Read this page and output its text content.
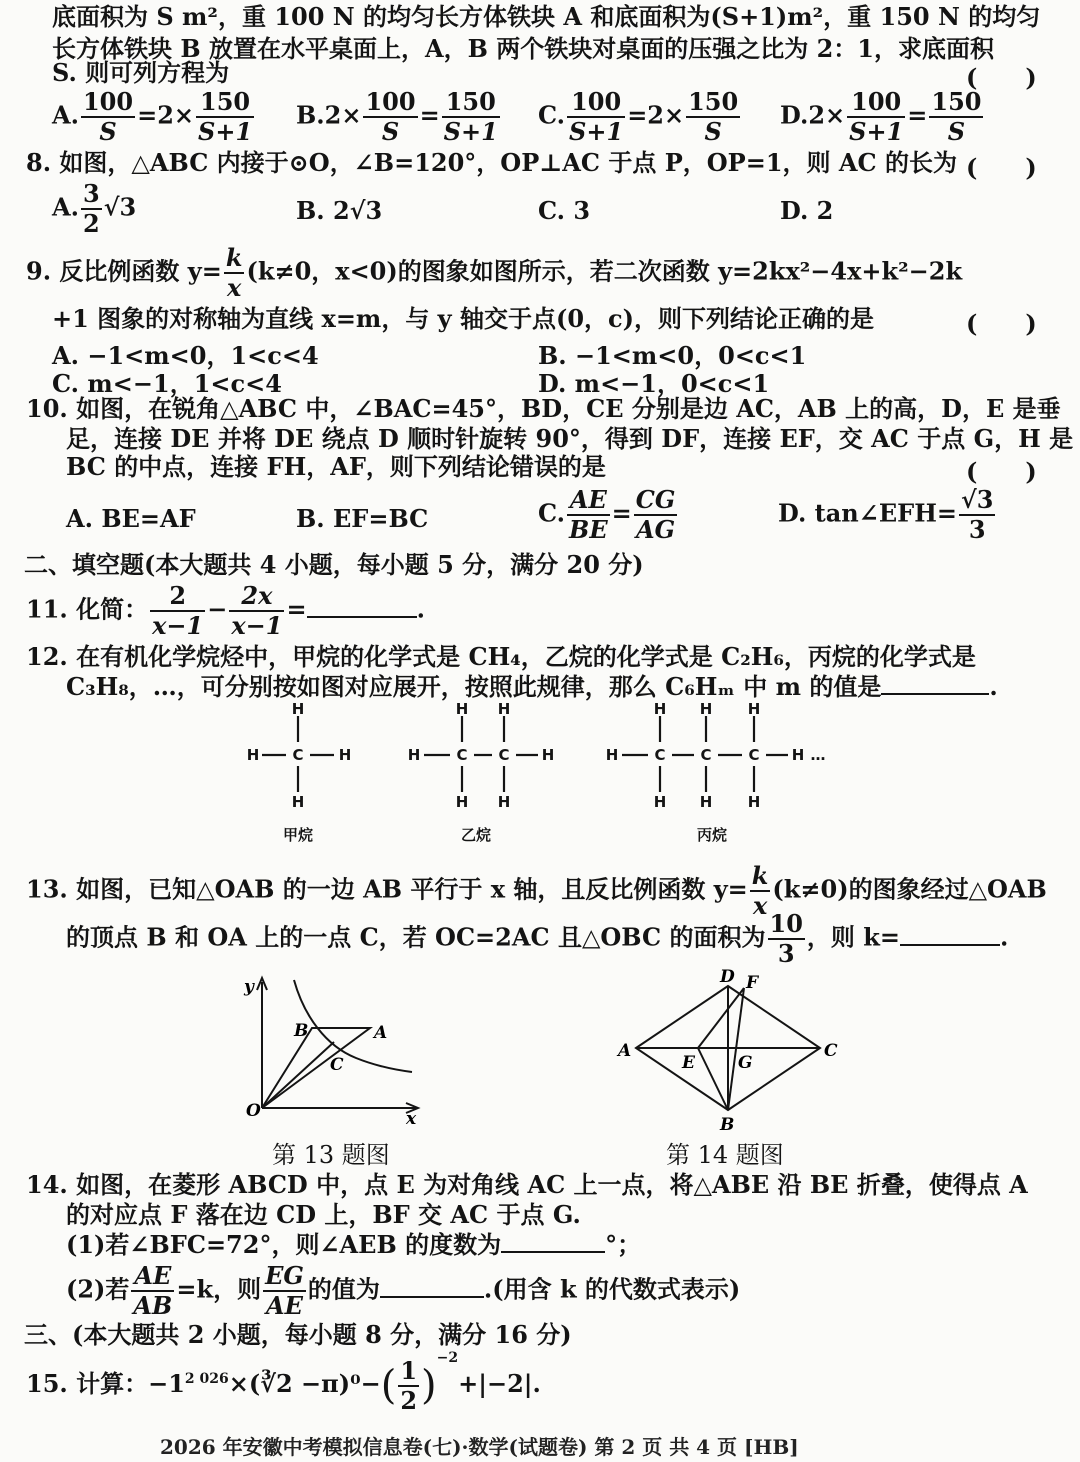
底面积为 S m²，重 100 N 的均匀长方体铁块 A 和底面积为(S+1)m²，重 150 N 的均匀
长方体铁块 B 放置在水平桌面上，A，B 两个铁块对桌面的压强之比为 2：1，求底面积
S. 则可列方程为	(　　)
A. $\frac{100}{S} =2\times \frac{150}{S+1} B.2\times \frac{100}{S} = \frac{150}{S+1} C$. $\frac{100}{S+1} =2\times \frac{150}{S} D.2\times \frac{100}{S+1} = \frac{150}{S}$
8. 如图，△ABC 内接于⊙O，∠B=120°，OP⊥AC 于点 P，OP=1，则 AC 的长为 (　　)
A. $\frac{3}{2} √3$	B. 2√3	C. 3	D. 2
9. 反比例函数 $y= \frac{k}{x} (k\ne 0$，x<0)的图象如图所示，若二次函数 y=2kx²−4x+k²−2k
+1 图象的对称轴为直线 x=m，与 y 轴交于点(0，c)，则下列结论正确的是	(　　)
A. −1<m<0，1<c<4	B. −1<m<0，0<c<1
C. m<−1，1<c<4	D. m<−1，0<c<1
10. 如图，在锐角△ABC 中，∠BAC=45°，BD，CE 分别是边 AC，AB 上的高，D，E 是垂
足，连接 DE 并将 DE 绕点 D 顺时针旋转 90°，得到 DF，连接 EF，交 AC 于点 G，H 是
BC 的中点，连接 FH，AF，则下列结论错误的是	(　　)
A. BE=AF	B. EF=BC	C. $\frac{AE}{BE} = \frac{CG}{AG}$	D. tan∠EFH= $\frac{√3}{3}$
二、填空题(本大题共 4 小题，每小题 5 分，满分 20 分)
11. 化简： $\frac{2}{x-1} - \frac{2x}{x-1}$ =	.
12. 在有机化学烷烃中，甲烷的化学式是 CH₄，乙烷的化学式是 C₂H₆，丙烷的化学式是
C₃H₈，…，可分别按如图对应展开，按照此规律，那么 C₆Hₘ 中 m 的值是	.
H
C
H
H	H
H H
C C
H H
H	H
H H H
C C C
H H H
H	H …
甲烷	乙烷	丙烷
13. 如图，已知△OAB 的一边 AB 平行于 x 轴，且反比例函数 $y= \frac{k}{x} (k\ne 0)$的图象经过△OAB
的顶点 B 和 OA 上的一点 C，若 OC=2AC 且△OBC 的面积为 $\frac{10}{3}$ ，则 k=	.
y
x
O
A
B
C
第 13 题图
A
B
C
D
E
F
G
第 14 题图
14. 如图，在菱形 ABCD 中，点 E 为对角线 AC 上一点，将△ABE 沿 BE 折叠，使得点 A
的对应点 F 落在边 CD 上，BF 交 AC 于点 G.
(1)若∠BFC=72°，则∠AEB 的度数为	°；
(2)若 $\frac{AE}{AB} =k$，则 $\frac{EG}{AE}$ 的值为	.(用含 k 的代数式表示)
三、(本大题共 2 小题，每小题 8 分，满分 16 分)
15. 计算：$-1^{2 026}\times(∛2 -\pi)^0-( \frac{1}{2} )^{-2}+|-2|$.
2026 年安徽中考模拟信息卷(七)·数学(试题卷) 第 2 页 共 4 页 [HB]
